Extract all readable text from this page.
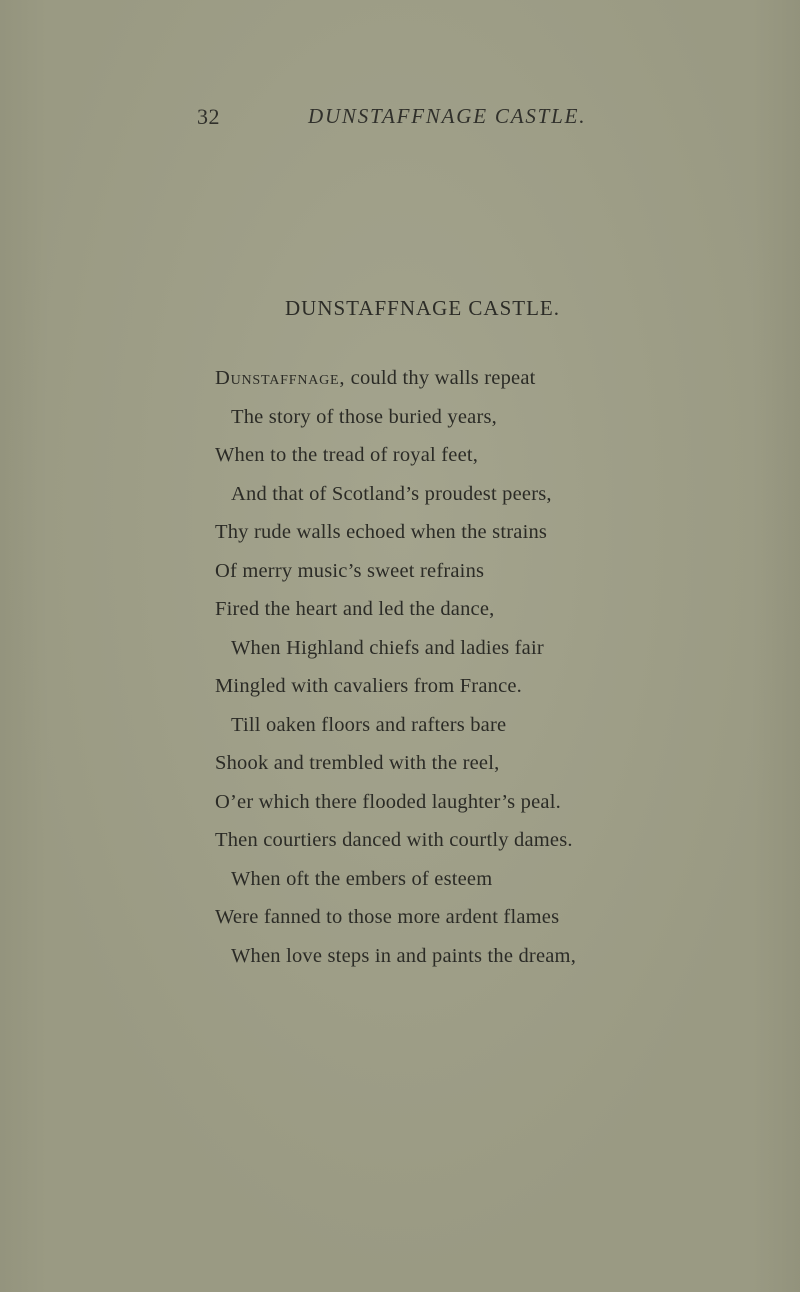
32	DUNSTAFFNAGE CASTLE.
DUNSTAFFNAGE CASTLE.
Dunstaffnage, could thy walls repeat
The story of those buried years,
When to the tread of royal feet,
And that of Scotland’s proudest peers,
Thy rude walls echoed when the strains
Of merry music’s sweet refrains
Fired the heart and led the dance,
When Highland chiefs and ladies fair
Mingled with cavaliers from France.
Till oaken floors and rafters bare
Shook and trembled with the reel,
O’er which there flooded laughter’s peal.
Then courtiers danced with courtly dames.
When oft the embers of esteem
Were fanned to those more ardent flames
When love steps in and paints the dream,
